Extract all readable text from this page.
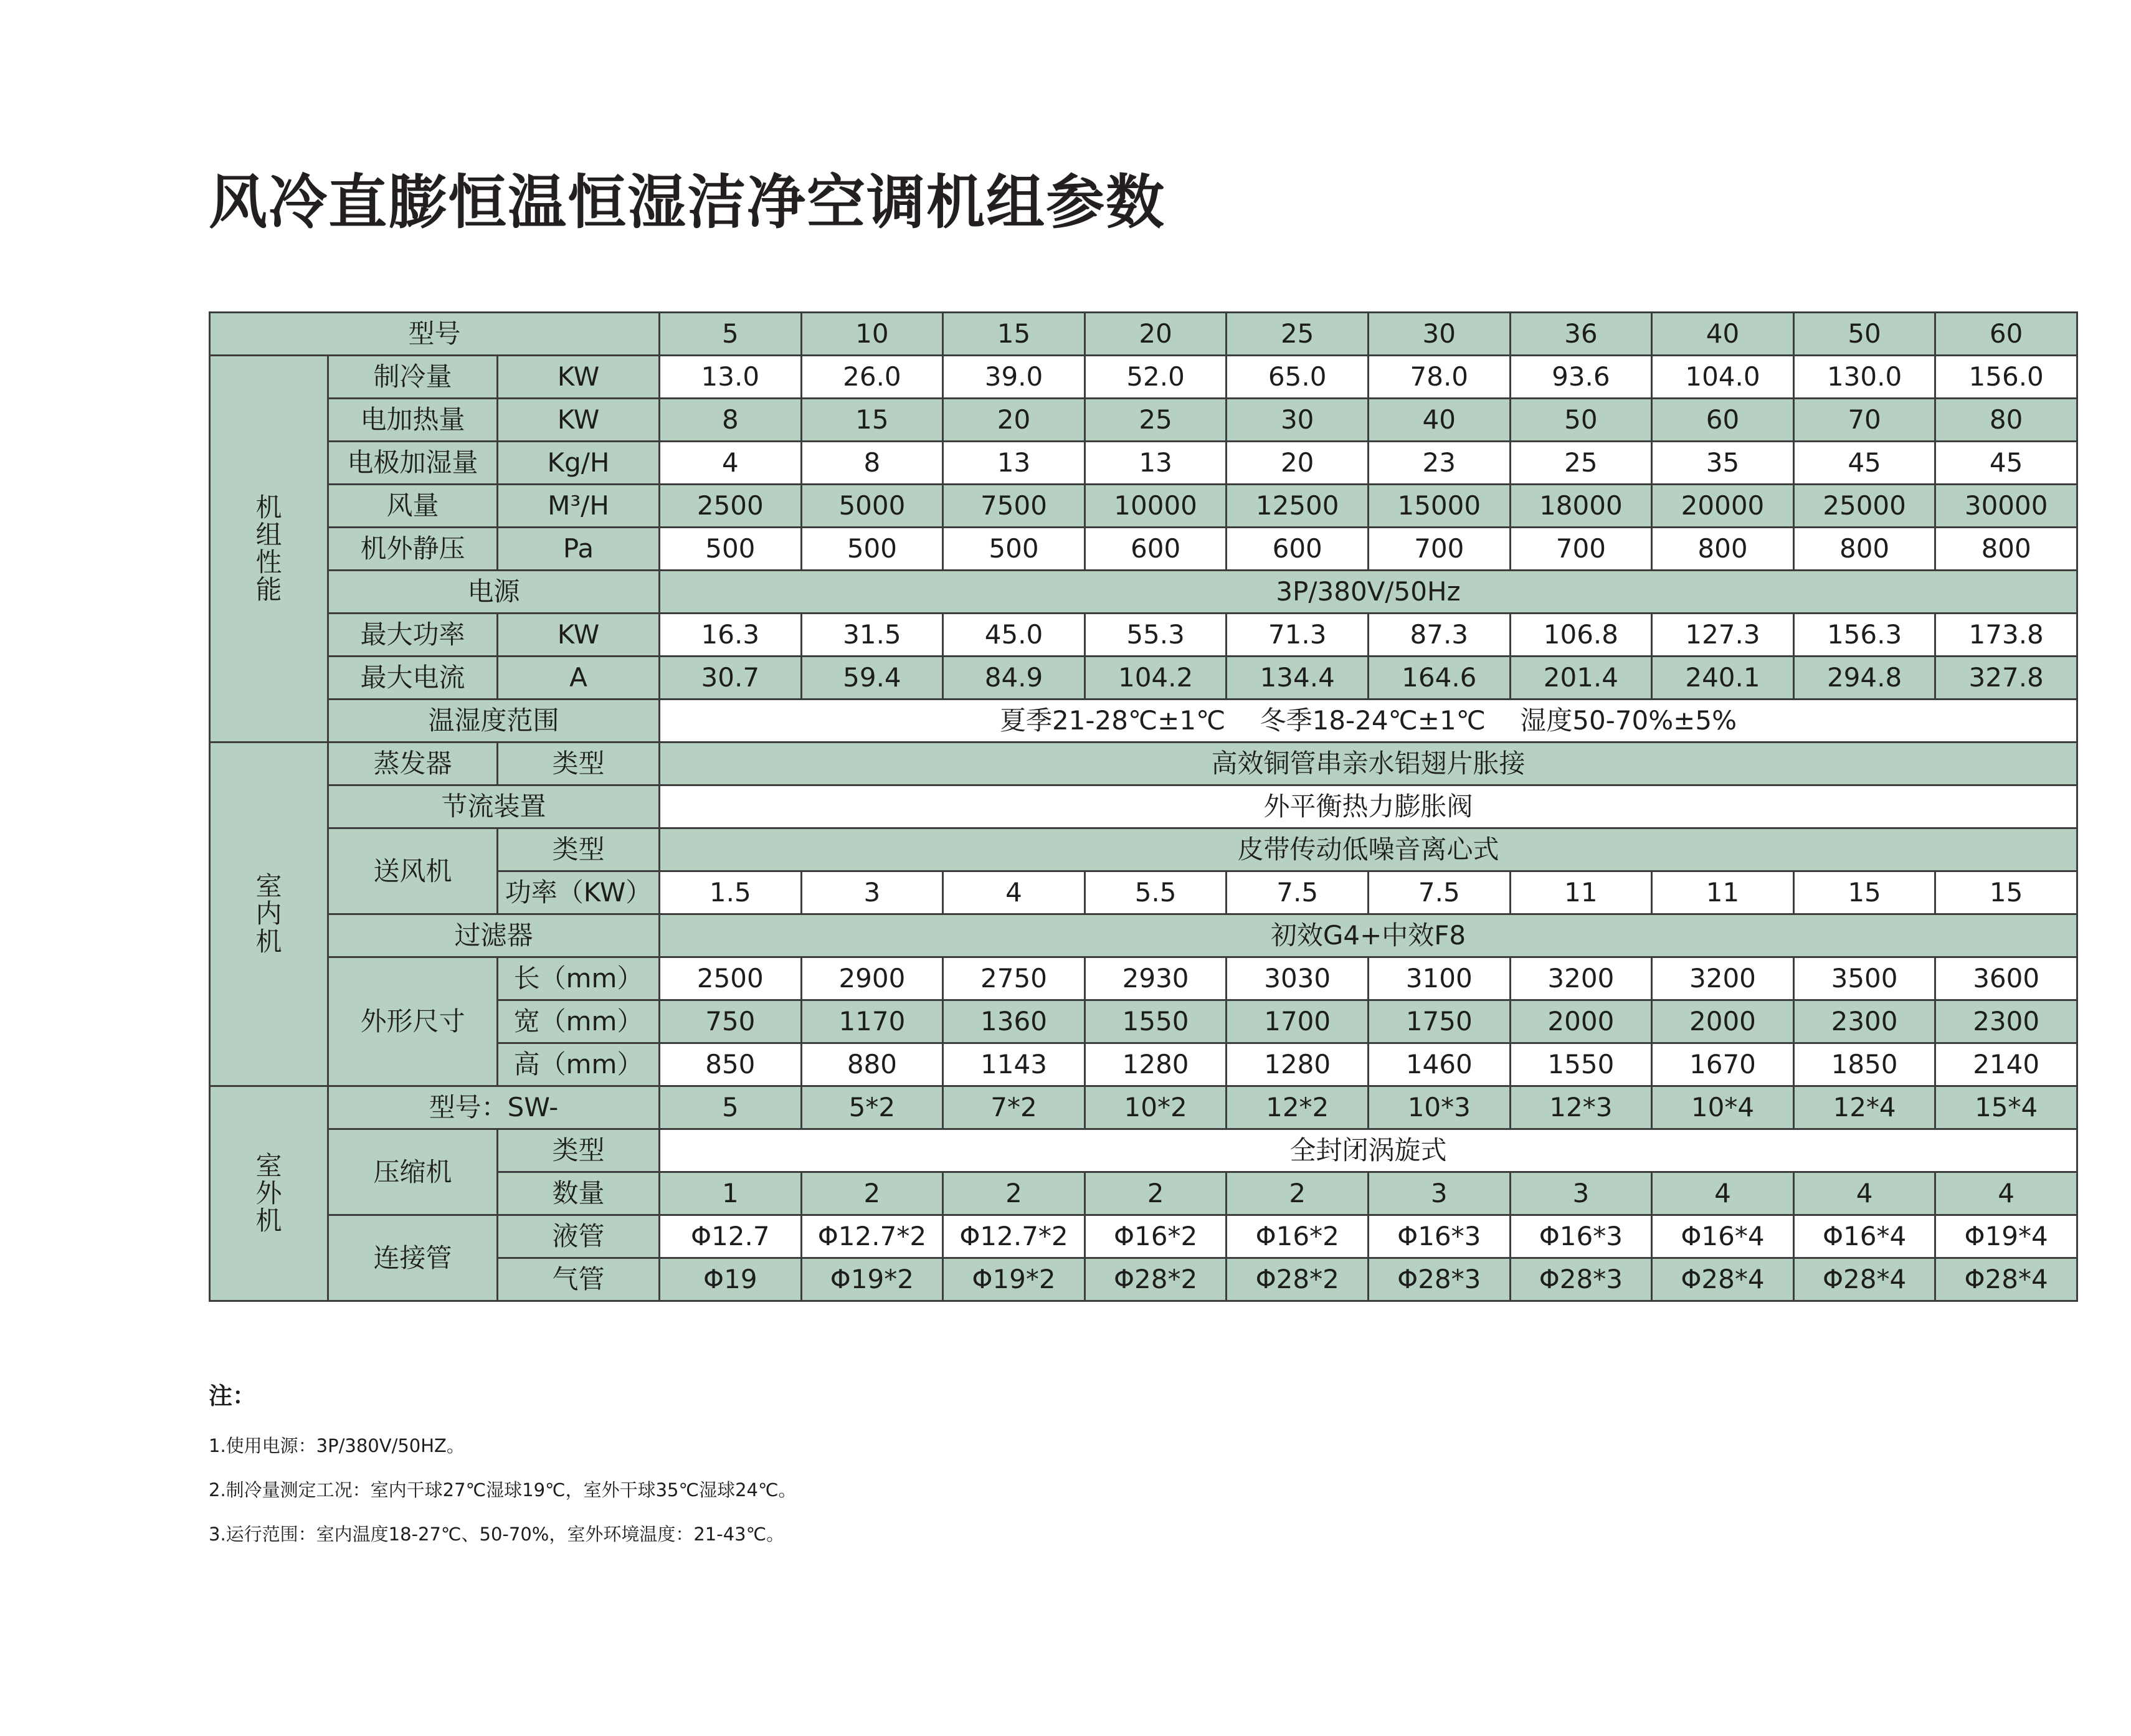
风冷直膨恒温恒湿洁净空调机组参数
型号			5	10	15	20	25	30	36	40	50	60
机组性能	制冷量	KW	13.0	26.0	39.0	52.0	65.0	78.0	93.6	104.0	130.0	156.0
	电加热量	KW	8	15	20	25	30	40	50	60	70	80
	电极加湿量	Kg/H	4	8	13	13	20	23	25	35	45	45
	风量	M³/H	2500	5000	7500	10000	12500	15000	18000	20000	25000	30000
	机外静压	Pa	500	500	500	600	600	700	700	800	800	800
	电源		3P/380V/50Hz									
	最大功率	KW	16.3	31.5	45.0	55.3	71.3	87.3	106.8	127.3	156.3	173.8
	最大电流	A	30.7	59.4	84.9	104.2	134.4	164.6	201.4	240.1	294.8	327.8
	温湿度范围		夏季21-28℃±1℃　 冬季18-24℃±1℃　 湿度50-70%±5%									
室内机	蒸发器	类型	高效铜管串亲水铝翅片胀接									
	节流装置		外平衡热力膨胀阀									
	送风机	类型	皮带传动低噪音离心式									
		功率（KW）	1.5	3	4	5.5	7.5	7.5	11	11	15	15
	过滤器		初效G4+中效F8									
	外形尺寸	长（mm）	2500	2900	2750	2930	3030	3100	3200	3200	3500	3600
		宽（mm）	750	1170	1360	1550	1700	1750	2000	2000	2300	2300
		高（mm）	850	880	1143	1280	1280	1460	1550	1670	1850	2140
室外机	型号：SW-		5	5*2	7*2	10*2	12*2	10*3	12*3	10*4	12*4	15*4
	压缩机	类型	全封闭涡旋式									
		数量	1	2	2	2	2	3	3	4	4	4
	连接管	液管	Φ12.7	Φ12.7*2	Φ12.7*2	Φ16*2	Φ16*2	Φ16*3	Φ16*3	Φ16*4	Φ16*4	Φ19*4
		气管	Φ19	Φ19*2	Φ19*2	Φ28*2	Φ28*2	Φ28*3	Φ28*3	Φ28*4	Φ28*4	Φ28*4
注：
1.使用电源：3P/380V/50HZ。
2.制冷量测定工况：室内干球27℃湿球19℃，室外干球35℃湿球24℃。
3.运行范围：室内温度18-27℃、50-70%，室外环境温度：21-43℃。
